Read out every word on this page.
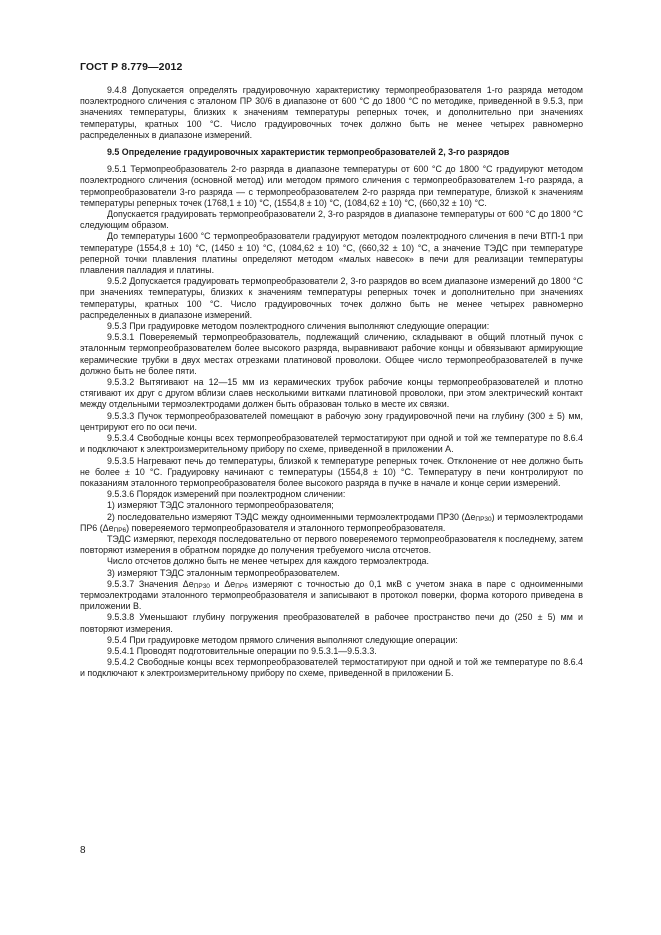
ГОСТ Р 8.779—2012

9.4.8 Допускается определять градуировочную характеристику термопреобразователя 1-го разряда методом поэлектродного сличения с эталоном ПР 30/6 в диапазоне от 600 °C до 1800 °C по методике, приведенной в 9.5.3, при значениях температуры, близких к значениям температуры реперных точек, и дополнительно при значениях температуры, кратных 100 °C. Число градуировочных точек должно быть не менее четырех равномерно распределенных в диапазоне измерений.

9.5 Определение градуировочных характеристик термопреобразователей 2, 3-го разрядов

9.5.1 Термопреобразователь 2-го разряда в диапазоне температуры от 600 °C до 1800 °C градуируют методом поэлектродного сличения (основной метод) или методом прямого сличения с термопреобразователем 1-го разряда, а термопреобразователи 3-го разряда — с термопреобразователем 2-го разряда при температуре, близкой к значениям температуры реперных точек (1768,1 ± 10) °C, (1554,8 ± 10) °C, (1084,62 ± 10) °C, (660,32 ± 10) °C.

Допускается градуировать термопреобразователи 2, 3-го разрядов в диапазоне температуры от 600 °C до 1800 °C следующим образом.

До температуры 1600 °C термопреобразователи градуируют методом поэлектродного сличения в печи ВТП-1 при температуре (1554,8 ± 10) °C, (1450 ± 10) °C, (1084,62 ± 10) °C, (660,32 ± 10) °C, а значение ТЭДС при температуре реперной точки плавления платины определяют методом «малых навесок» в печи для реализации температуры плавления палладия и платины.

9.5.2 Допускается градуировать термопреобразователи 2, 3-го разрядов во всем диапазоне измерений до 1800 °C при значениях температуры, близких к значениям температуры реперных точек и дополнительно при значениях температуры, кратных 100 °C. Число градуировочных точек должно быть не менее четырех равномерно распределенных в диапазоне измерений.

9.5.3 При градуировке методом поэлектродного сличения выполняют следующие операции:

9.5.3.1 Повереяемый термопреобразователь, подлежащий сличению, складывают в общий плотный пучок с эталонным термопреобразователем более высокого разряда, выравнивают рабочие концы и обвязывают армирующие керамические трубки в двух местах отрезками платиновой проволоки. Общее число термопреобразователей в пучке должно быть не более пяти.

9.5.3.2 Вытягивают на 12—15 мм из керамических трубок рабочие концы термопреобразователей и плотно стягивают их друг с другом вблизи слаев несколькими витками платиновой проволоки, при этом электрический контакт между отдельными термоэлектродами должен быть образован только в месте их связки.

9.5.3.3 Пучок термопреобразователей помещают в рабочую зону градуировочной печи на глубину (300 ± 5) мм, центрируют его по оси печи.

9.5.3.4 Свободные концы всех термопреобразователей термостатируют при одной и той же температуре по 8.6.4 и подключают к электроизмерительному прибору по схеме, приведенной в приложении А.

9.5.3.5 Нагревают печь до температуры, близкой к температуре реперных точек. Отклонение от нее должно быть не более ± 10 °C. Градуировку начинают с температуры (1554,8 ± 10) °C. Температуру в печи контролируют по показаниям эталонного термопреобразователя более высокого разряда в пучке в начале и конце серии измерений.

9.5.3.6 Порядок измерений при поэлектродном сличении:

1) измеряют ТЭДС эталонного термопреобразователя;

2) последовательно измеряют ТЭДС между одноименными термоэлектродами ПР30 $(\Delta e_{ПР30})$ и термоэлектродами ПР6 $(\Delta e_{ПР6})$ повереяемого термопреобразователя и эталонного термопреобразователя.

ТЭДС измеряют, переходя последовательно от первого повереяемого термопреобразователя к последнему, затем повторяют измерения в обратном порядке до получения требуемого числа отсчетов.

Число отсчетов должно быть не менее четырех для каждого термоэлектрода.

3) измеряют ТЭДС эталонным термопреобразователем.

9.5.3.7 Значения $\Delta e_{ПР30}$ и $\Delta e_{ПР6}$ измеряют с точностью до 0,1 мкВ с учетом знака в паре с одноименными термоэлектродами эталонного термопреобразователя и записывают в протокол поверки, форма которого приведена в приложении В.

9.5.3.8 Уменьшают глубину погружения преобразователей в рабочее пространство печи до (250 ± 5) мм и повторяют измерения.

9.5.4 При градуировке методом прямого сличения выполняют следующие операции:

9.5.4.1 Проводят подготовительные операции по 9.5.3.1—9.5.3.3.

9.5.4.2 Свободные концы всех термопреобразователей термостатируют при одной и той же температуре по 8.6.4 и подключают к электроизмерительному прибору по схеме, приведенной в приложении Б.

8
